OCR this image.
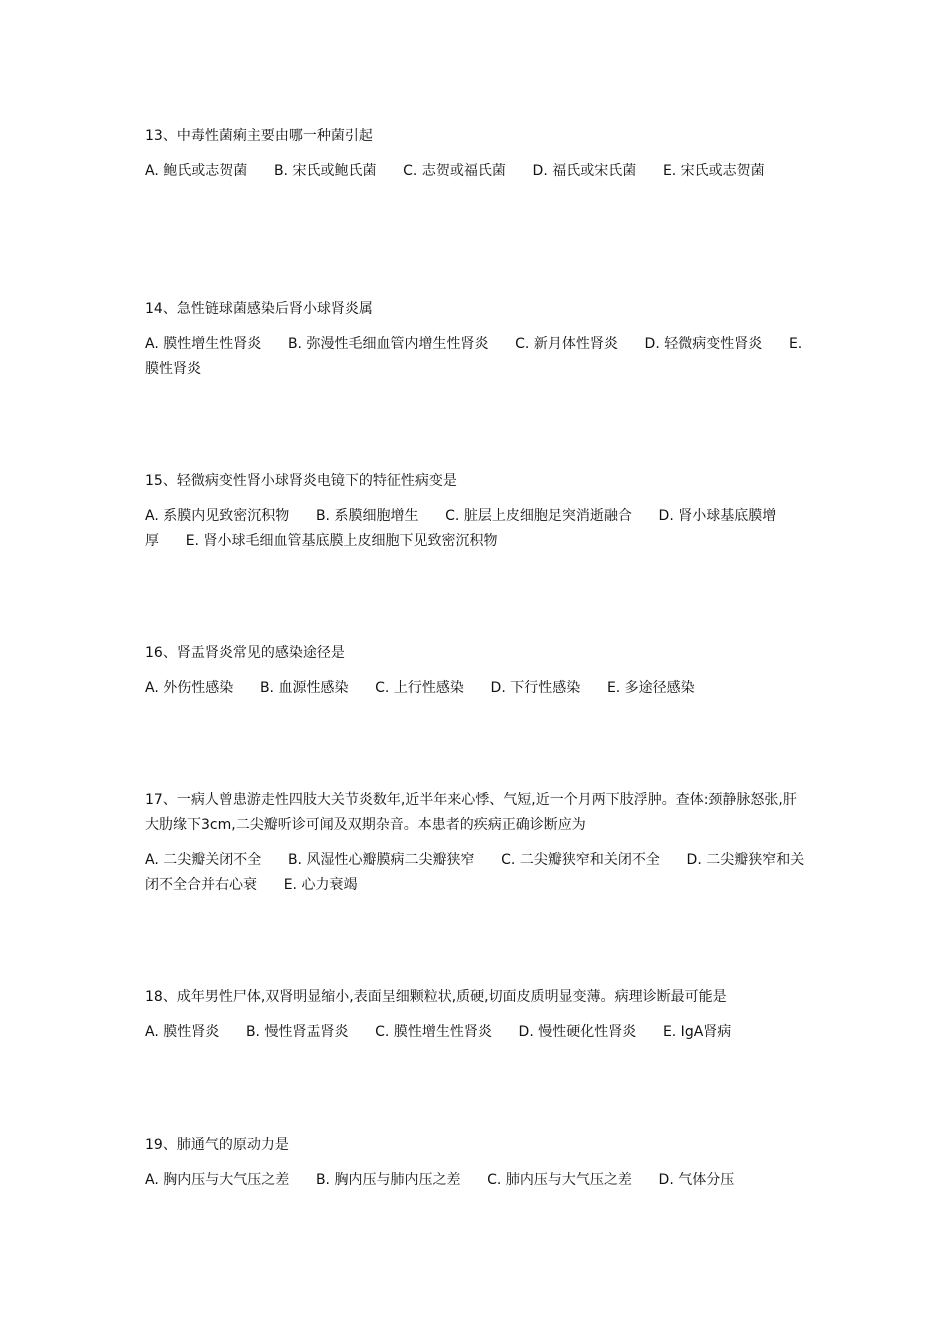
13、中毒性菌痢主要由哪一种菌引起

A. 鲍氏或志贺菌 B. 宋氏或鲍氏菌 C. 志贺或福氏菌 D. 福氏或宋氏菌 E. 宋氏或志贺菌

14、急性链球菌感染后肾小球肾炎属

A. 膜性增生性肾炎 B. 弥漫性毛细血管内增生性肾炎 C. 新月体性肾炎 D. 轻微病变性肾炎 E. 膜性肾炎

15、轻微病变性肾小球肾炎电镜下的特征性病变是

A. 系膜内见致密沉积物 B. 系膜细胞增生 C. 脏层上皮细胞足突消逝融合 D. 肾小球基底膜增厚 E. 肾小球毛细血管基底膜上皮细胞下见致密沉积物

16、肾盂肾炎常见的感染途径是

A. 外伤性感染 B. 血源性感染 C. 上行性感染 D. 下行性感染 E. 多途径感染

17、一病人曾患游走性四肢大关节炎数年,近半年来心悸、气短,近一个月两下肢浮肿。查体:颈静脉怒张,肝大肋缘下3cm,二尖瓣听诊可闻及双期杂音。本患者的疾病正确诊断应为

A. 二尖瓣关闭不全 B. 风湿性心瓣膜病二尖瓣狭窄 C. 二尖瓣狭窄和关闭不全 D. 二尖瓣狭窄和关闭不全合并右心衰 E. 心力衰竭

18、成年男性尸体,双肾明显缩小,表面呈细颗粒状,质硬,切面皮质明显变薄。病理诊断最可能是

A. 膜性肾炎 B. 慢性肾盂肾炎 C. 膜性增生性肾炎 D. 慢性硬化性肾炎 E. IgA肾病

19、肺通气的原动力是

A. 胸内压与大气压之差 B. 胸内压与肺内压之差 C. 肺内压与大气压之差 D. 气体分压
